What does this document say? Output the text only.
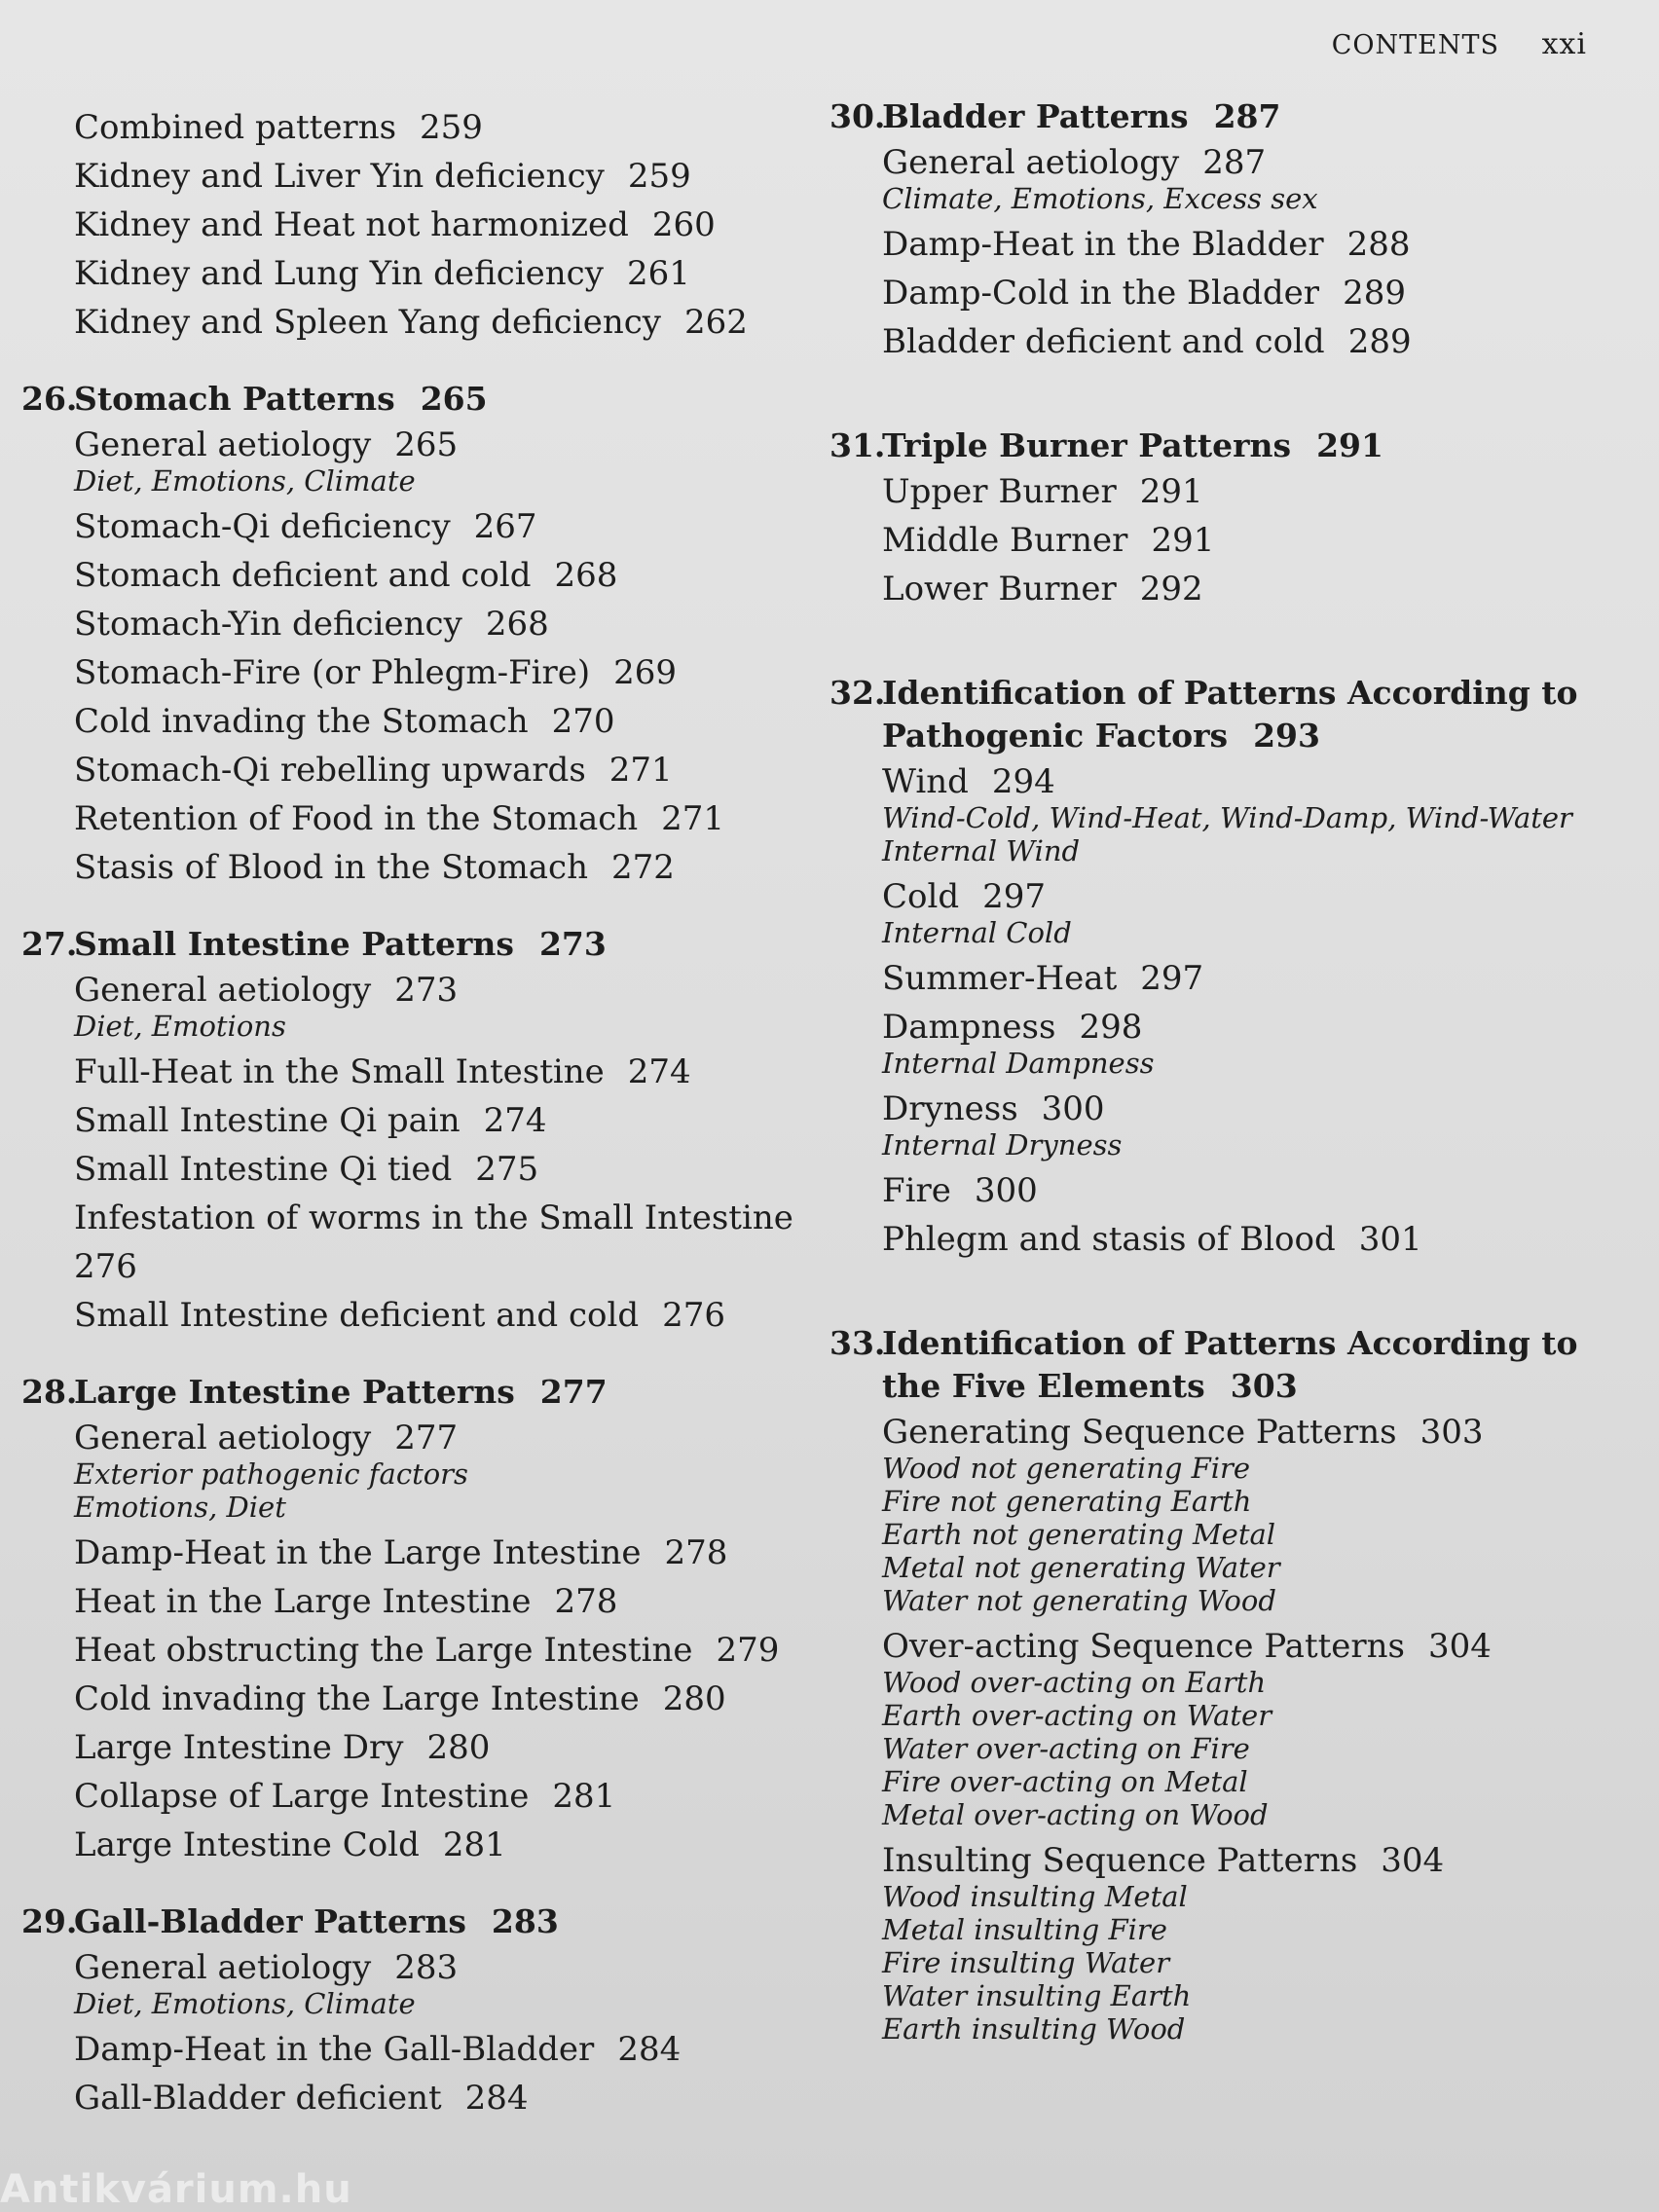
CONTENTS xxi
Combined patterns 259
Kidney and Liver Yin deficiency 259
Kidney and Heat not harmonized 260
Kidney and Lung Yin deficiency 261
Kidney and Spleen Yang deficiency 262
26.Stomach Patterns 265
General aetiology 265
Diet, Emotions, Climate
Stomach-Qi deficiency 267
Stomach deficient and cold 268
Stomach-Yin deficiency 268
Stomach-Fire (or Phlegm-Fire) 269
Cold invading the Stomach 270
Stomach-Qi rebelling upwards 271
Retention of Food in the Stomach 271
Stasis of Blood in the Stomach 272
27.Small Intestine Patterns 273
General aetiology 273
Diet, Emotions
Full-Heat in the Small Intestine 274
Small Intestine Qi pain 274
Small Intestine Qi tied 275
Infestation of worms in the Small Intestine
276
Small Intestine deficient and cold 276
28.Large Intestine Patterns 277
General aetiology 277
Exterior pathogenic factors
Emotions, Diet
Damp-Heat in the Large Intestine 278
Heat in the Large Intestine 278
Heat obstructing the Large Intestine 279
Cold invading the Large Intestine 280
Large Intestine Dry 280
Collapse of Large Intestine 281
Large Intestine Cold 281
29.Gall-Bladder Patterns 283
General aetiology 283
Diet, Emotions, Climate
Damp-Heat in the Gall-Bladder 284
Gall-Bladder deficient 284
30.Bladder Patterns 287
General aetiology 287
Climate, Emotions, Excess sex
Damp-Heat in the Bladder 288
Damp-Cold in the Bladder 289
Bladder deficient and cold 289
31.Triple Burner Patterns 291
Upper Burner 291
Middle Burner 291
Lower Burner 292
32.Identification of Patterns According to Pathogenic Factors 293
Wind 294
Wind-Cold, Wind-Heat, Wind-Damp, Wind-Water
Internal Wind
Cold 297
Internal Cold
Summer-Heat 297
Dampness 298
Internal Dampness
Dryness 300
Internal Dryness
Fire 300
Phlegm and stasis of Blood 301
33.Identification of Patterns According to the Five Elements 303
Generating Sequence Patterns 303
Wood not generating Fire
Fire not generating Earth
Earth not generating Metal
Metal not generating Water
Water not generating Wood
Over-acting Sequence Patterns 304
Wood over-acting on Earth
Earth over-acting on Water
Water over-acting on Fire
Fire over-acting on Metal
Metal over-acting on Wood
Insulting Sequence Patterns 304
Wood insulting Metal
Metal insulting Fire
Fire insulting Water
Water insulting Earth
Earth insulting Wood
Antikvárium.hu
